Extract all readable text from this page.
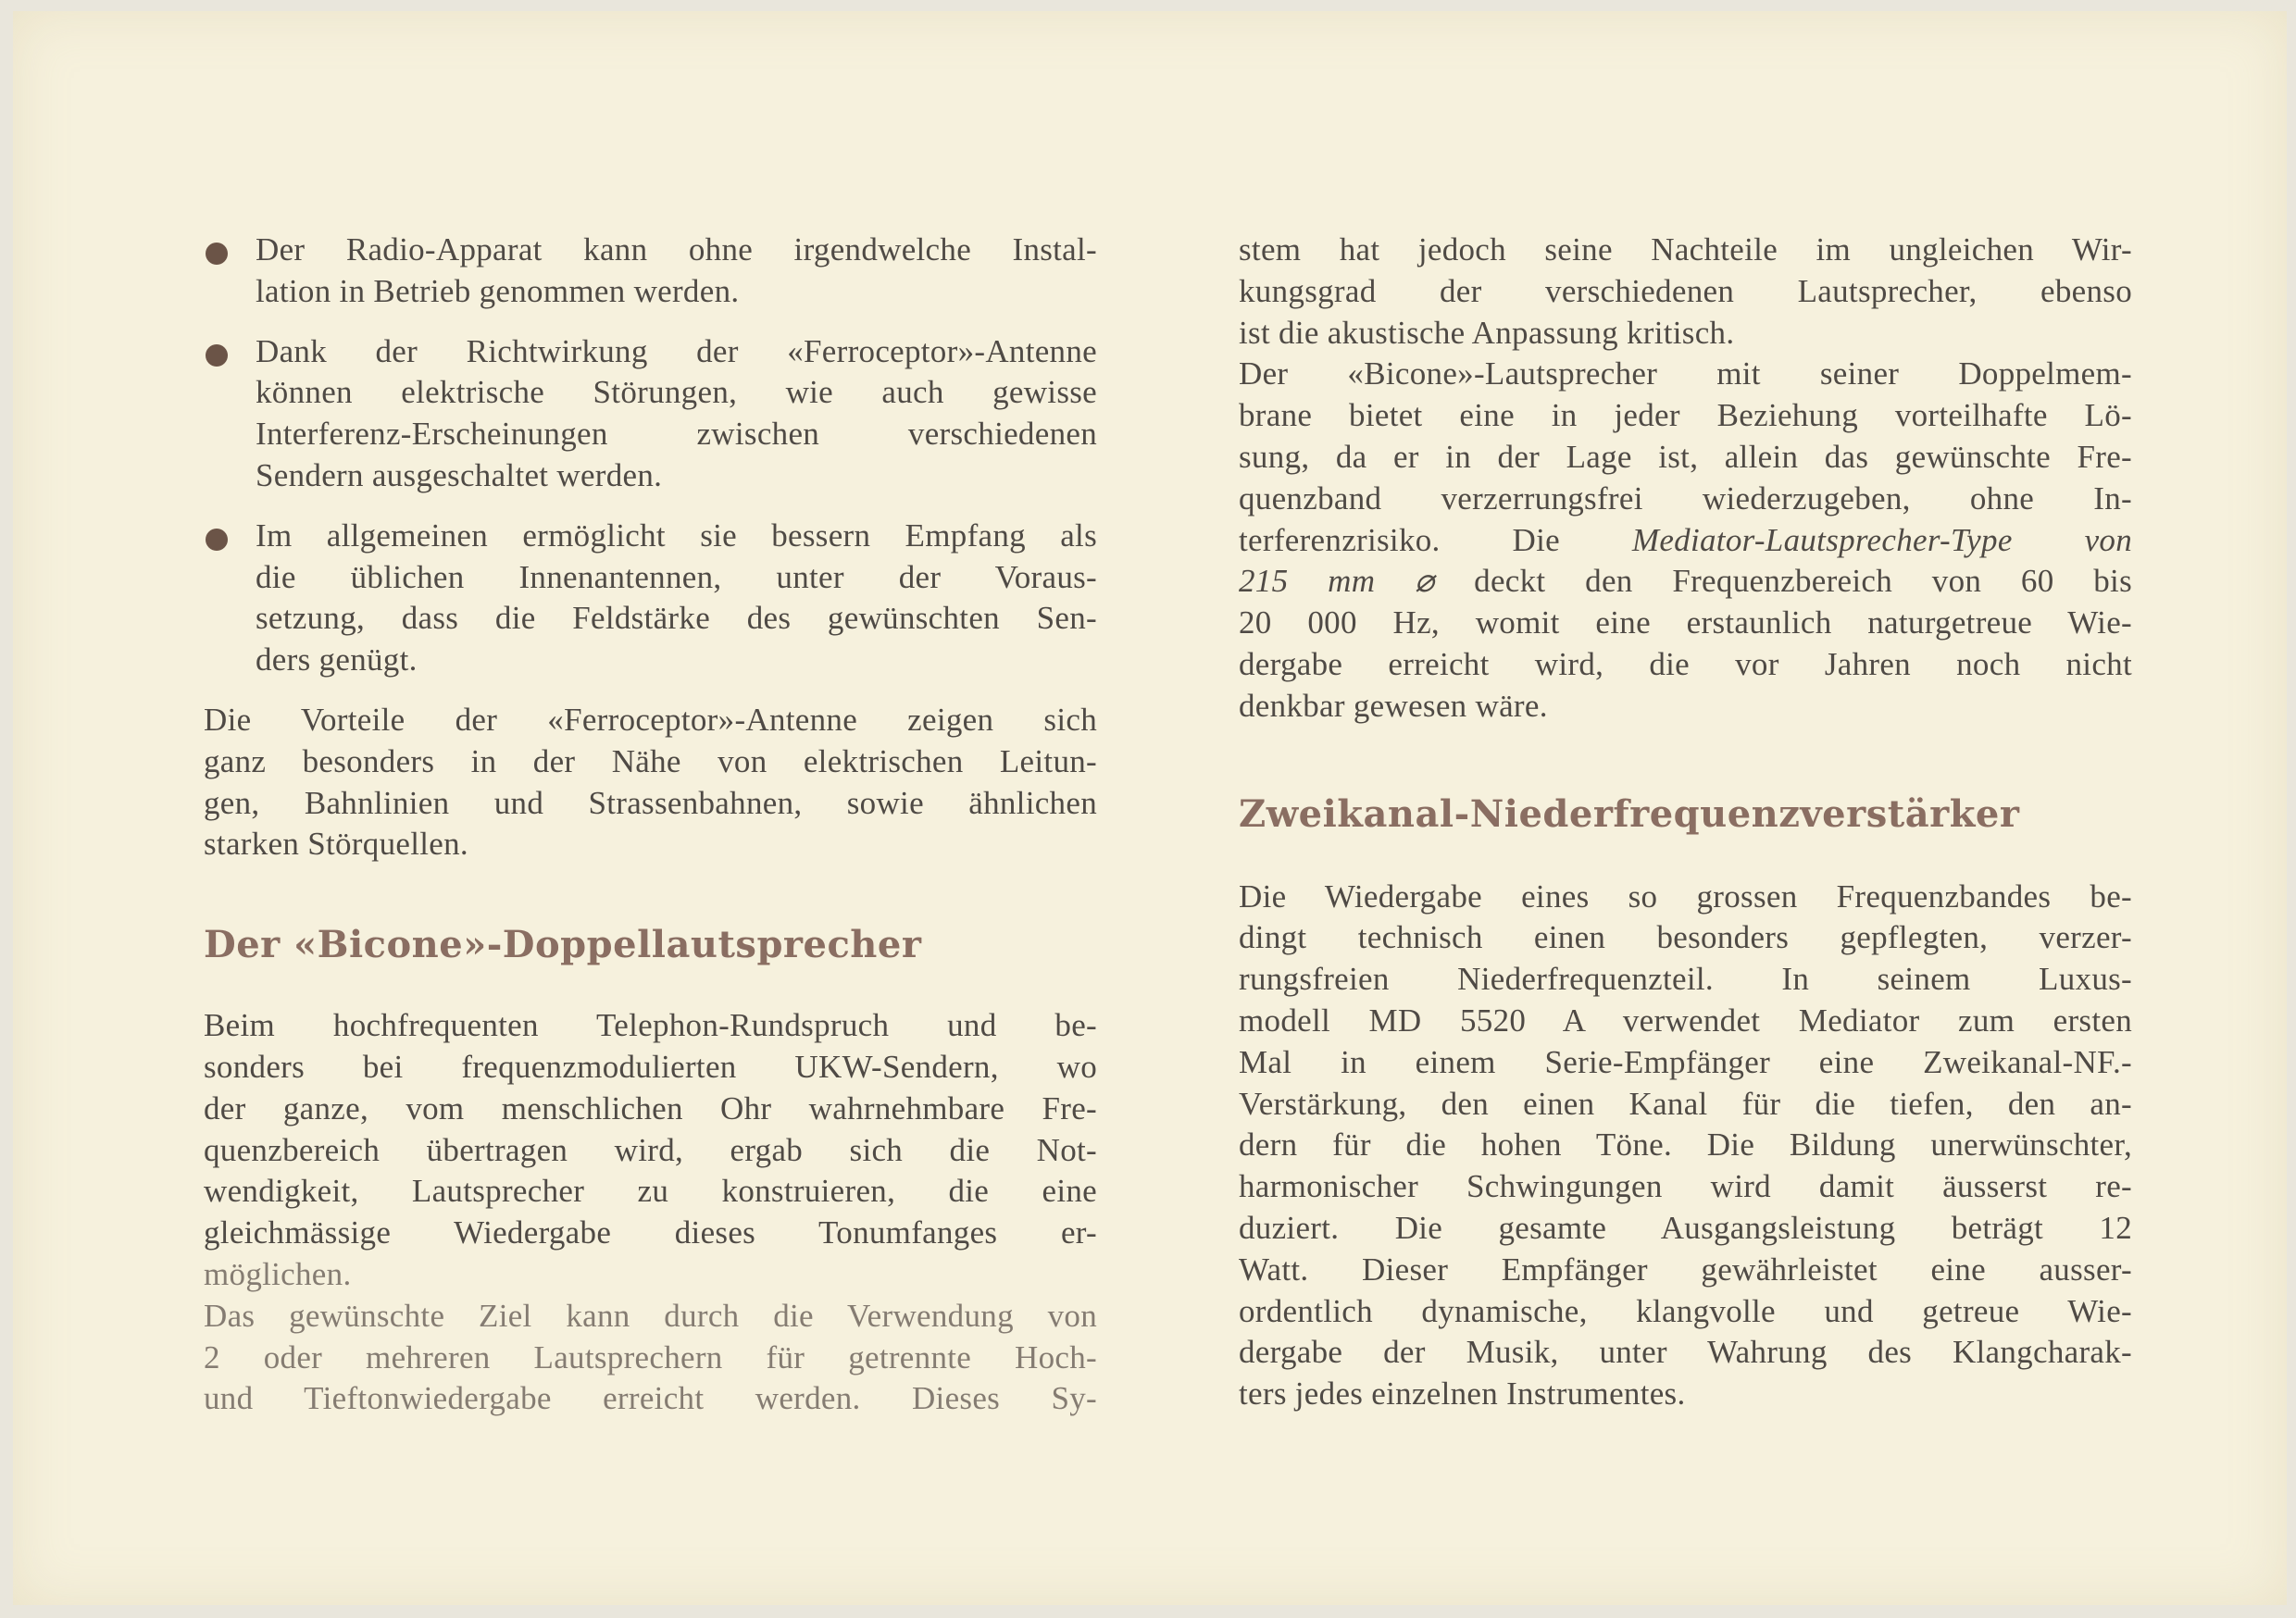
Der Radio-Apparat kann ohne irgendwelche Instal-
lation in Betrieb genommen werden.

Dank der Richtwirkung der «Ferroceptor»-Antenne
können elektrische Störungen, wie auch gewisse
Interferenz-Erscheinungen zwischen verschiedenen
Sendern ausgeschaltet werden.

Im allgemeinen ermöglicht sie bessern Empfang als
die üblichen Innenantennen, unter der Voraus-
setzung, dass die Feldstärke des gewünschten Sen-
ders genügt.

Die Vorteile der «Ferroceptor»-Antenne zeigen sich
ganz besonders in der Nähe von elektrischen Leitun-
gen, Bahnlinien und Strassenbahnen, sowie ähnlichen
starken Störquellen.

Der «Bicone»-Doppellautsprecher

Beim hochfrequenten Telephon-Rundspruch und be-
sonders bei frequenzmodulierten UKW-Sendern, wo
der ganze, vom menschlichen Ohr wahrnehmbare Fre-
quenzbereich übertragen wird, ergab sich die Not-
wendigkeit, Lautsprecher zu konstruieren, die eine
gleichmässige Wiedergabe dieses Tonumfanges er-
möglichen.

Das gewünschte Ziel kann durch die Verwendung von
2 oder mehreren Lautsprechern für getrennte Hoch-
und Tieftonwiedergabe erreicht werden. Dieses Sy-

stem hat jedoch seine Nachteile im ungleichen Wir-
kungsgrad der verschiedenen Lautsprecher, ebenso
ist die akustische Anpassung kritisch.

Der «Bicone»-Lautsprecher mit seiner Doppelmem-
brane bietet eine in jeder Beziehung vorteilhafte Lö-
sung, da er in der Lage ist, allein das gewünschte Fre-
quenzband verzerrungsfrei wiederzugeben, ohne In-
terferenzrisiko. Die Mediator-Lautsprecher-Type von
215 mm ⌀ deckt den Frequenzbereich von 60 bis
20 000 Hz, womit eine erstaunlich naturgetreue Wie-
dergabe erreicht wird, die vor Jahren noch nicht
denkbar gewesen wäre.

Zweikanal-Niederfrequenzverstärker

Die Wiedergabe eines so grossen Frequenzbandes be-
dingt technisch einen besonders gepflegten, verzer-
rungsfreien Niederfrequenzteil. In seinem Luxus-
modell MD 5520 A verwendet Mediator zum ersten
Mal in einem Serie-Empfänger eine Zweikanal-NF.-
Verstärkung, den einen Kanal für die tiefen, den an-
dern für die hohen Töne. Die Bildung unerwünschter,
harmonischer Schwingungen wird damit äusserst re-
duziert. Die gesamte Ausgangsleistung beträgt 12
Watt. Dieser Empfänger gewährleistet eine ausser-
ordentlich dynamische, klangvolle und getreue Wie-
dergabe der Musik, unter Wahrung des Klangcharak-
ters jedes einzelnen Instrumentes.
